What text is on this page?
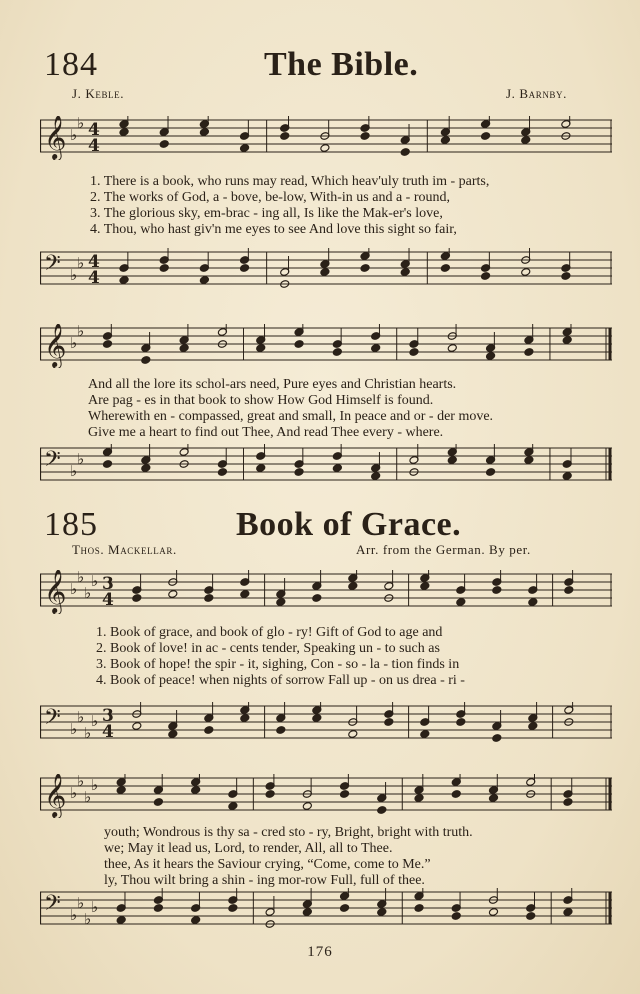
184	The Bible.
J. Keble.	J. Barnby.
𝄞 ♭
♭ 4
4
1. There is a book, who runs may read, Which heav'uly truth im - parts,
2. The works of God, a - bove, be-low, With-in us and a - round,
3. The glorious sky, em-brac - ing all, Is like the Mak-er's love,
4. Thou, who hast giv'n me eyes to see And love this sight so fair,
𝄢 ♭
♭ 4
4
𝄞 ♭
♭
And all the lore its schol-ars need, Pure eyes and Christian hearts.
Are pag - es in that book to show How God Himself is found.
Wherewith en - compassed, great and small, In peace and or - der move.
Give me a heart to find out Thee, And read Thee every - where.
𝄢 ♭
♭
185	Book of Grace.
Thos. Mackellar.	Arr. from the German. By per.
𝄞 ♭
♭
♭
♭ 3
4
1. Book of grace, and book of glo - ry! Gift of God to age and
2. Book of love! in ac - cents tender, Speaking un - to such as
3. Book of hope! the spir - it, sighing, Con - so - la - tion finds in
4. Book of peace! when nights of sorrow Fall up - on us drea - ri -
𝄢 ♭
♭
♭
♭ 3
4
𝄞 ♭
♭
♭
♭
youth; Wondrous is thy sa - cred sto - ry, Bright, bright with truth.
we; May it lead us, Lord, to render, All, all to Thee.
thee, As it hears the Saviour crying, “Come, come to Me.”
ly, Thou wilt bring a shin - ing mor-row Full, full of thee.
𝄢 ♭
♭
♭
♭
176
